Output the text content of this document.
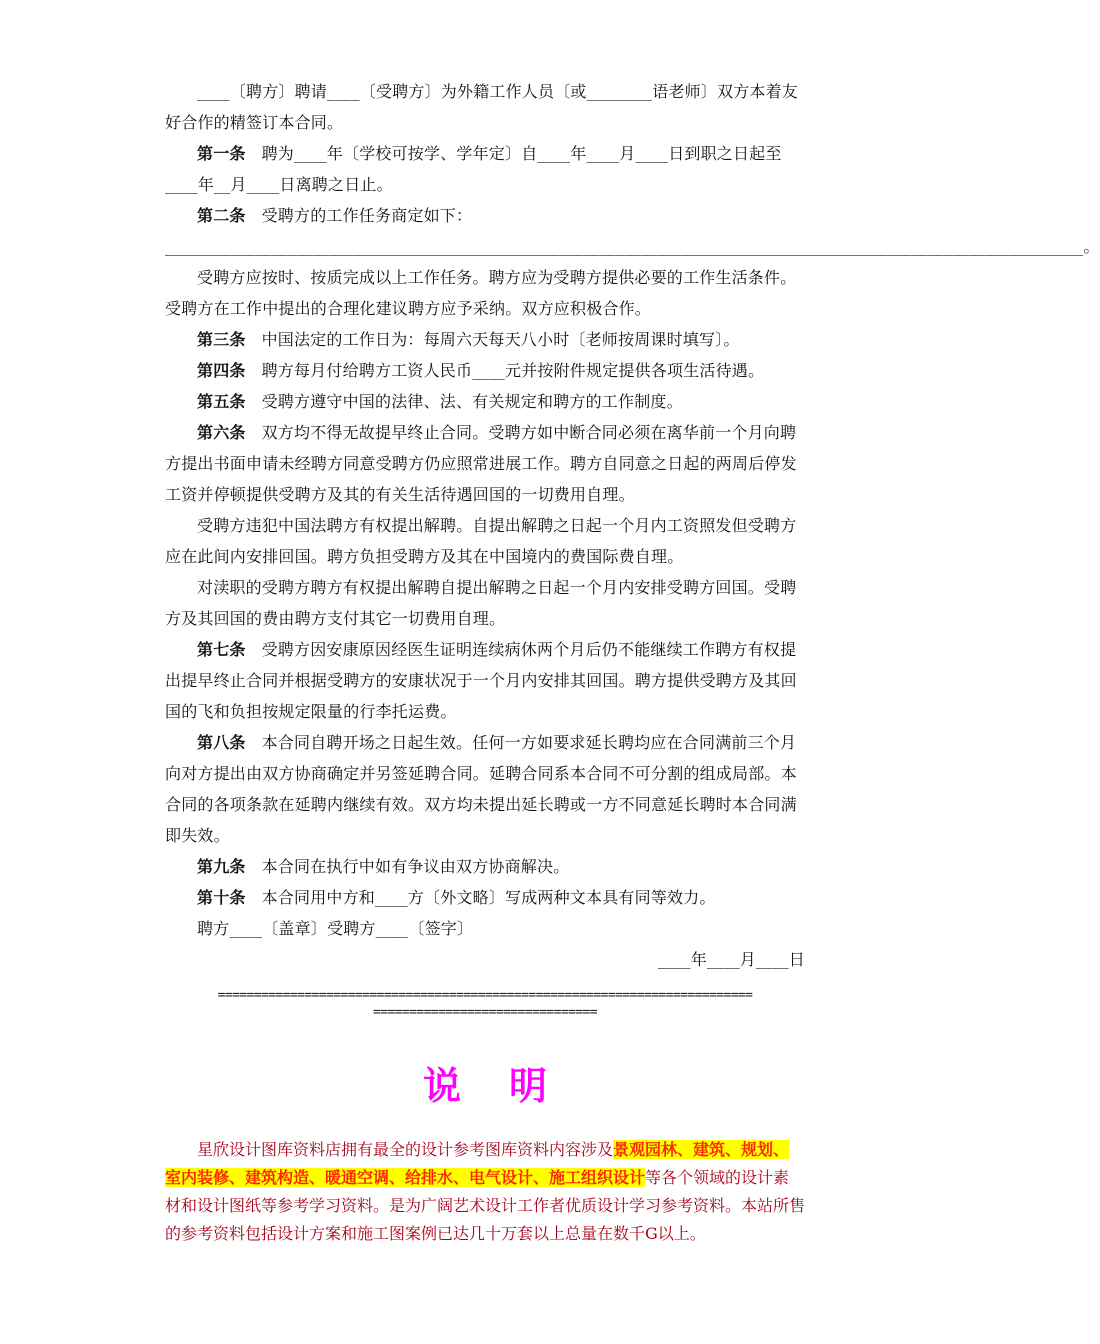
____〔聘方〕聘请____〔受聘方〕为外籍工作人员〔或________语老师〕双方本着友好合作的精签订本合同。

第一条 聘为____年〔学校可按学、学年定〕自____年____月____日到职之日起至____年__月____日离聘之日止。

第二条 受聘方的工作任务商定如下：________________________________________________________________________________________________________________。

受聘方应按时、按质完成以上工作任务。聘方应为受聘方提供必要的工作生活条件。受聘方在工作中提出的合理化建议聘方应予采纳。双方应积极合作。

第三条 中国法定的工作日为：每周六天每天八小时〔老师按周课时填写〕。

第四条 聘方每月付给聘方工资人民币____元并按附件规定提供各项生活待遇。

第五条 受聘方遵守中国的法律、法、有关规定和聘方的工作制度。

第六条 双方均不得无故提早终止合同。受聘方如中断合同必须在离华前一个月向聘方提出书面申请未经聘方同意受聘方仍应照常进展工作。聘方自同意之日起的两周后停发工资并停顿提供受聘方及其的有关生活待遇回国的一切费用自理。

受聘方违犯中国法聘方有权提出解聘。自提出解聘之日起一个月内工资照发但受聘方应在此间内安排回国。聘方负担受聘方及其在中国境内的费国际费自理。

对渎职的受聘方聘方有权提出解聘自提出解聘之日起一个月内安排受聘方回国。受聘方及其回国的费由聘方支付其它一切费用自理。

第七条 受聘方因安康原因经医生证明连续病休两个月后仍不能继续工作聘方有权提出提早终止合同并根据受聘方的安康状况于一个月内安排其回国。聘方提供受聘方及其回国的飞和负担按规定限量的行李托运费。

第八条 本合同自聘开场之日起生效。任何一方如要求延长聘均应在合同满前三个月向对方提出由双方协商确定并另签延聘合同。延聘合同系本合同不可分割的组成局部。本合同的各项条款在延聘内继续有效。双方均未提出延长聘或一方不同意延长聘时本合同满即失效。

第九条 本合同在执行中如有争议由双方协商解决。

第十条 本合同用中方和____方〔外文略〕写成两种文本具有同等效力。

聘方____〔盖章〕受聘方____〔签字〕

____年____月____日

==========================================================================
===============================
说明

星欣设计图库资料店拥有最全的设计参考图库资料内容涉及景观园林、建筑、规划、室内装修、建筑构造、暖通空调、给排水、电气设计、施工组织设计等各个领域的设计素材和设计图纸等参考学习资料。是为广阔艺术设计工作者优质设计学习参考资料。本站所售的参考资料包括设计方案和施工图案例已达几十万套以上总量在数千G以上。
